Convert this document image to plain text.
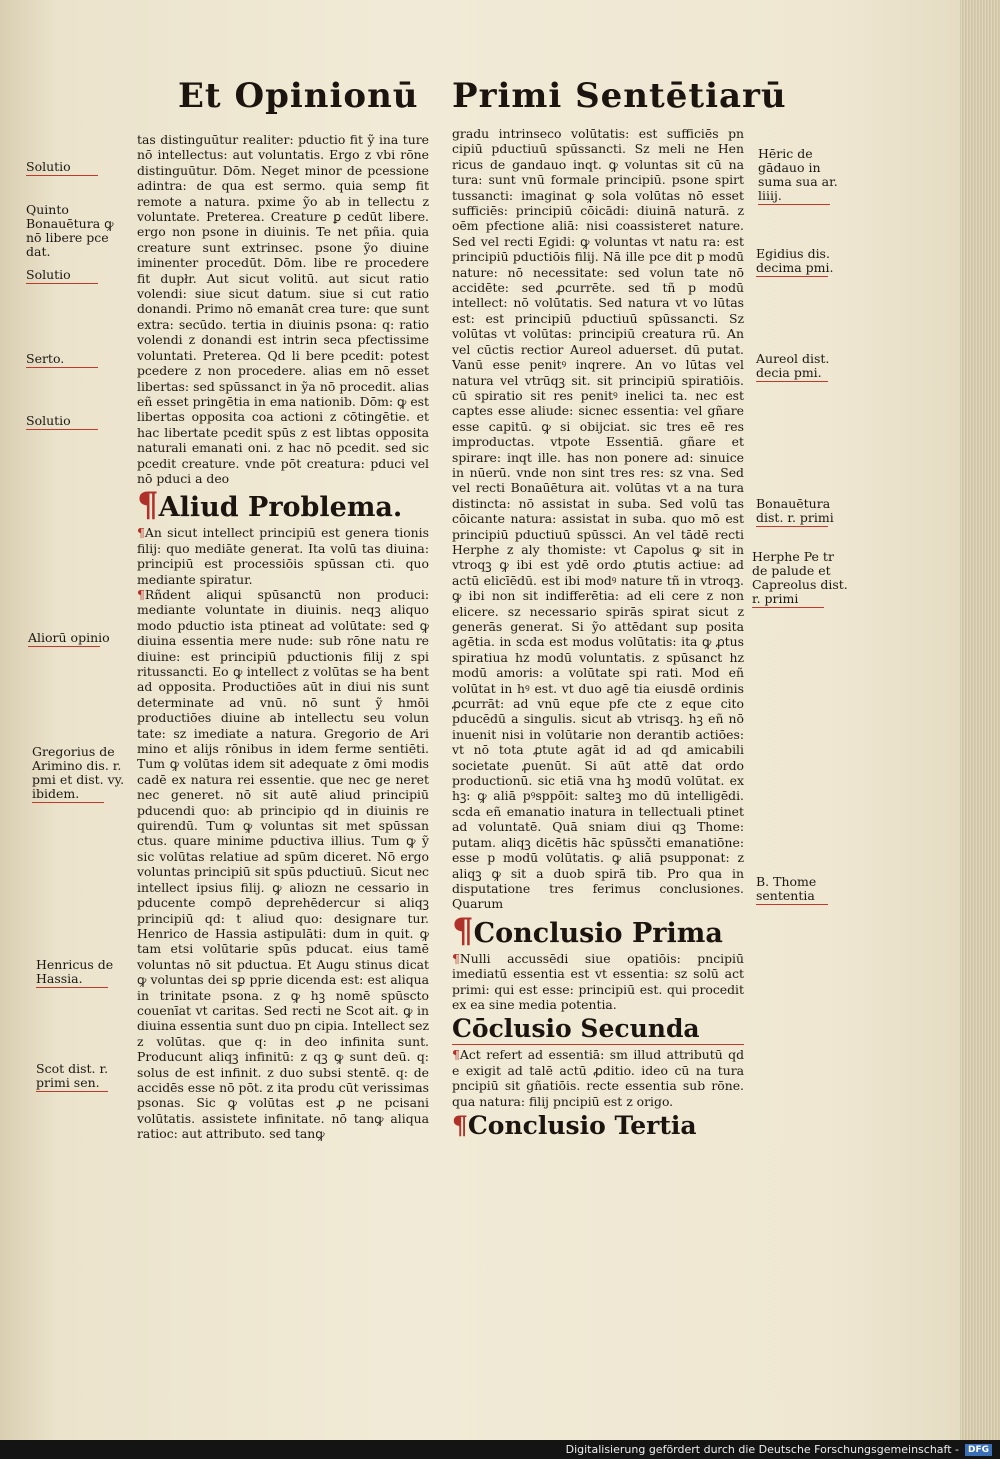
Et Opinionū Primi Sentētiarū

tas distinguūtur realiter: pductio fit ỹ ina ture nō intellectus: aut voluntatis. Ergo z vbi rōne distinguūtur. Dōm. Neget minor de pcessione adintra: de qua est sermo. quia semꝑ fit remote a natura. pxime ỹo ab in tellectu z voluntate. Preterea. Creature ꝑ cedūt libere. ergo non psone in diuinis. Te net pñia. quia creature sunt extrinsec. psone ỹo diuine iminenter procedūt. Dōm. libe re procedere fit dupłr. Aut sicut volitū. aut sicut ratio volendi: siue sicut datum. siue si cut ratio donandi. Primo nō emanāt crea ture: que sunt extra: secūdo. tertia in diuinis psona: q: ratio volendi z donandi est intrin seca pfectissime voluntati. Preterea. Qd li bere pcedit: potest pcedere z non procedere. alias em nō esset libertas: sed spūssanct in ỹa nō procedit. alias eñ esset pringētia in ema nationib. Dōm: ꝙ est libertas opposita coa actioni z cōtingētie. et hac libertate pcedit spūs z est libtas opposita naturali emanati oni. z hac nō pcedit. sed sic pcedit creature. vnde pōt creatura: pduci vel nō pduci a deo

¶Aliud Problema.

¶An sicut intellect principiū est genera tionis filij: quo mediāte generat. Ita volū tas diuina: principiū est processiōis spūssan cti. quo mediante spiratur.

¶Rñdent aliqui spūsanctū non produci: mediante voluntate in diuinis. neqꝫ aliquo modo pductio ista ptineat ad volūtate: sed ꝙ diuina essentia mere nude: sub rōne natu re diuine: est principiū pductionis filij z spi ritussancti. Eo ꝙ intellect z volūtas se ha bent ad opposita. Productiōes aūt in diui nis sunt determinate ad vnū. nō sunt ỹ hmōi productiōes diuine ab intellectu seu volun tate: sz imediate a natura. Gregorio de Ari mino et alijs rōnibus in idem ferme sentiēti. Tum ꝙ volūtas idem sit adequate z ōmi modis cadē ex natura rei essentie. que nec ge neret nec generet. nō sit autē aliud principiū pducendi quo: ab principio qd in diuinis re quirendū. Tum ꝙ voluntas sit met spūssan ctus. quare minime pductiva illius. Tum ꝙ ỹ sic volūtas relatiue ad spūm diceret. Nō ergo voluntas principiū sit spūs pductiuū. Sicut nec intellect ipsius filij. ꝙ aliozn ne cessario in pducente compō deprehēdercur si aliqꝫ principiū qd: t aliud quo: designare tur. Henrico de Hassia astipulāti: dum in quit. ꝙ tam etsi volūtarie spūs pducat. eius tamē voluntas nō sit pductua. Et Augu stinus dicat ꝙ voluntas dei sꝑ pprie dicenda est: est aliqua in trinitate psona. z ꝙ hꝫ nomē spūscto couenīat vt caritas. Sed recti ne Scot ait. ꝙ in diuina essentia sunt duo pn cipia. Intellect sez z volūtas. que q: in deo infinita sunt. Producunt aliqꝫ infinitū: z qꝫ ꝙ sunt deū. q: solus de est infinit. z duo subsi stentē. q: de accidēs esse nō pōt. z ita produ cūt verissimas psonas. Sic ꝙ volūtas est ꝓ ne pcisani volūtatis. assistete infinitate. nō tanꝙ aliqua ratioc: aut attributo. sed tanꝙ

gradu intrinseco volūtatis: est sufficiēs pn cipiū pductiuū spūssancti. Sz meli ne Hen ricus de gandauo inqt. ꝙ voluntas sit cū na tura: sunt vnū formale principiū. psone spirt tussancti: imaginat ꝙ sola volūtas nō esset sufficiēs: principiū cōicādi: diuinā naturā. z oēm pfectione aliā: nisi coassisteret nature. Sed vel recti Egidi: ꝙ voluntas vt natu ra: est principiū pductiōis filij. Nā ille pce dit p modū nature: nō necessitate: sed volun tate nō accidēte: sed ꝓcurrēte. sed tñ p modū intellect: nō volūtatis. Sed natura vt vo lūtas est: est principiū pductiuū spūssancti. Sz volūtas vt volūtas: principiū creatura rū. An vel cūctis rectior Aureol aduerset. dū putat. Vanū esse penitꝰ inqrere. An vo lūtas vel natura vel vtrūqꝫ sit. sit principiū spiratiōis. cū spiratio sit res penitꝰ inelici ta. nec est captes esse aliude: sicnec essentia: vel gñare esse capitū. ꝙ si obijciat. sic tres eē res improductas. vtpote Essentiā. gñare et spirare: inqt ille. has non ponere ad: sinuice in nūerū. vnde non sint tres res: sz vna. Sed vel recti Bonaūētura ait. volūtas vt a na tura distincta: nō assistat in suba. Sed volū tas cōicante natura: assistat in suba. quo mō est principiū pductiuū spūssci. An vel tādē recti Herphe z aly thomiste: vt Capolus ꝙ sit in vtroqꝫ ꝙ ibi est ydē ordo ꝓtutis actiue: ad actū elicīēdū. est ibi modꝰ nature tñ in vtroqꝫ. ꝙ ibi non sit indifferētia: ad eli cere z non elicere. sz necessario spirās spirat sicut z generās generat. Si ỹo attēdant sup posita agētia. in scda est modus volūtatis: ita ꝙ ꝓtus spiratiua hz modū voluntatis. z spūsanct hz modū amoris: a volūtate spi rati. Mod eñ volūtat in hꝰ est. vt duo agē tia eiusdē ordinis ꝓcurrāt: ad vnū eque pfe cte z eque cito pducēdū a singulis. sicut ab vtrisqꝫ. hꝫ eñ nō inuenit nisi in volūtarie non derantib actiōes: vt nō tota ꝓtute agāt id ad qd amicabili societate ꝓuenūt. Si aūt attē dat ordo productionū. sic etiā vna hꝫ modū volūtat. ex hꝫ: ꝙ aliā pꝰsppōit: salteꝫ mo dū intelligēdi. scda eñ emanatio inatura in tellectuali ptinet ad voluntatē. Quā sniam diui qꝫ Thome: putam. aliqꝫ dicētis hāc spūssčti emanatiōne: esse p modū volūtatis. ꝙ aliā psupponat: z aliqꝫ ꝙ sit a duob spirā tib. Pro qua in disputatione tres ferimus conclusiones. Quarum

¶Conclusio Prima

¶Nulli accussēdi siue opatiōis: pncipiū imediatū essentia est vt essentia: sz solū act primi: qui est esse: principiū est. qui procedit ex ea sine media potentia.

Cōclusio Secunda

¶Act refert ad essentiā: sm illud attributū qd e exigit ad talē actū ꝓditio. ideo cū na tura pncipiū sit gñatiōis. recte essentia sub rōne. qua natura: filij pncipiū est z origo.

¶Conclusio Tertia
Solutio
Quinto Bonauētura ꝙ nō libere pce dat.
Solutio
Serto.
Solutio
Aliorū opinio
Gregorius de Arimino dis. r. pmi et dist. vy. ibidem.
Henricus de Hassia.
Scot dist. r. primi sen.
Hēric de gādauo in suma sua ar. liiij.
Egidius dis. decima pmi.
Aureol dist. decia pmi.
Bonauētura dist. r. primi
Herphe Pe tr de palude et Capreolus dist. r. primi
B. Thome sententia
Digitalisierung gefördert durch die Deutsche Forschungsgemeinschaft -	DFG
